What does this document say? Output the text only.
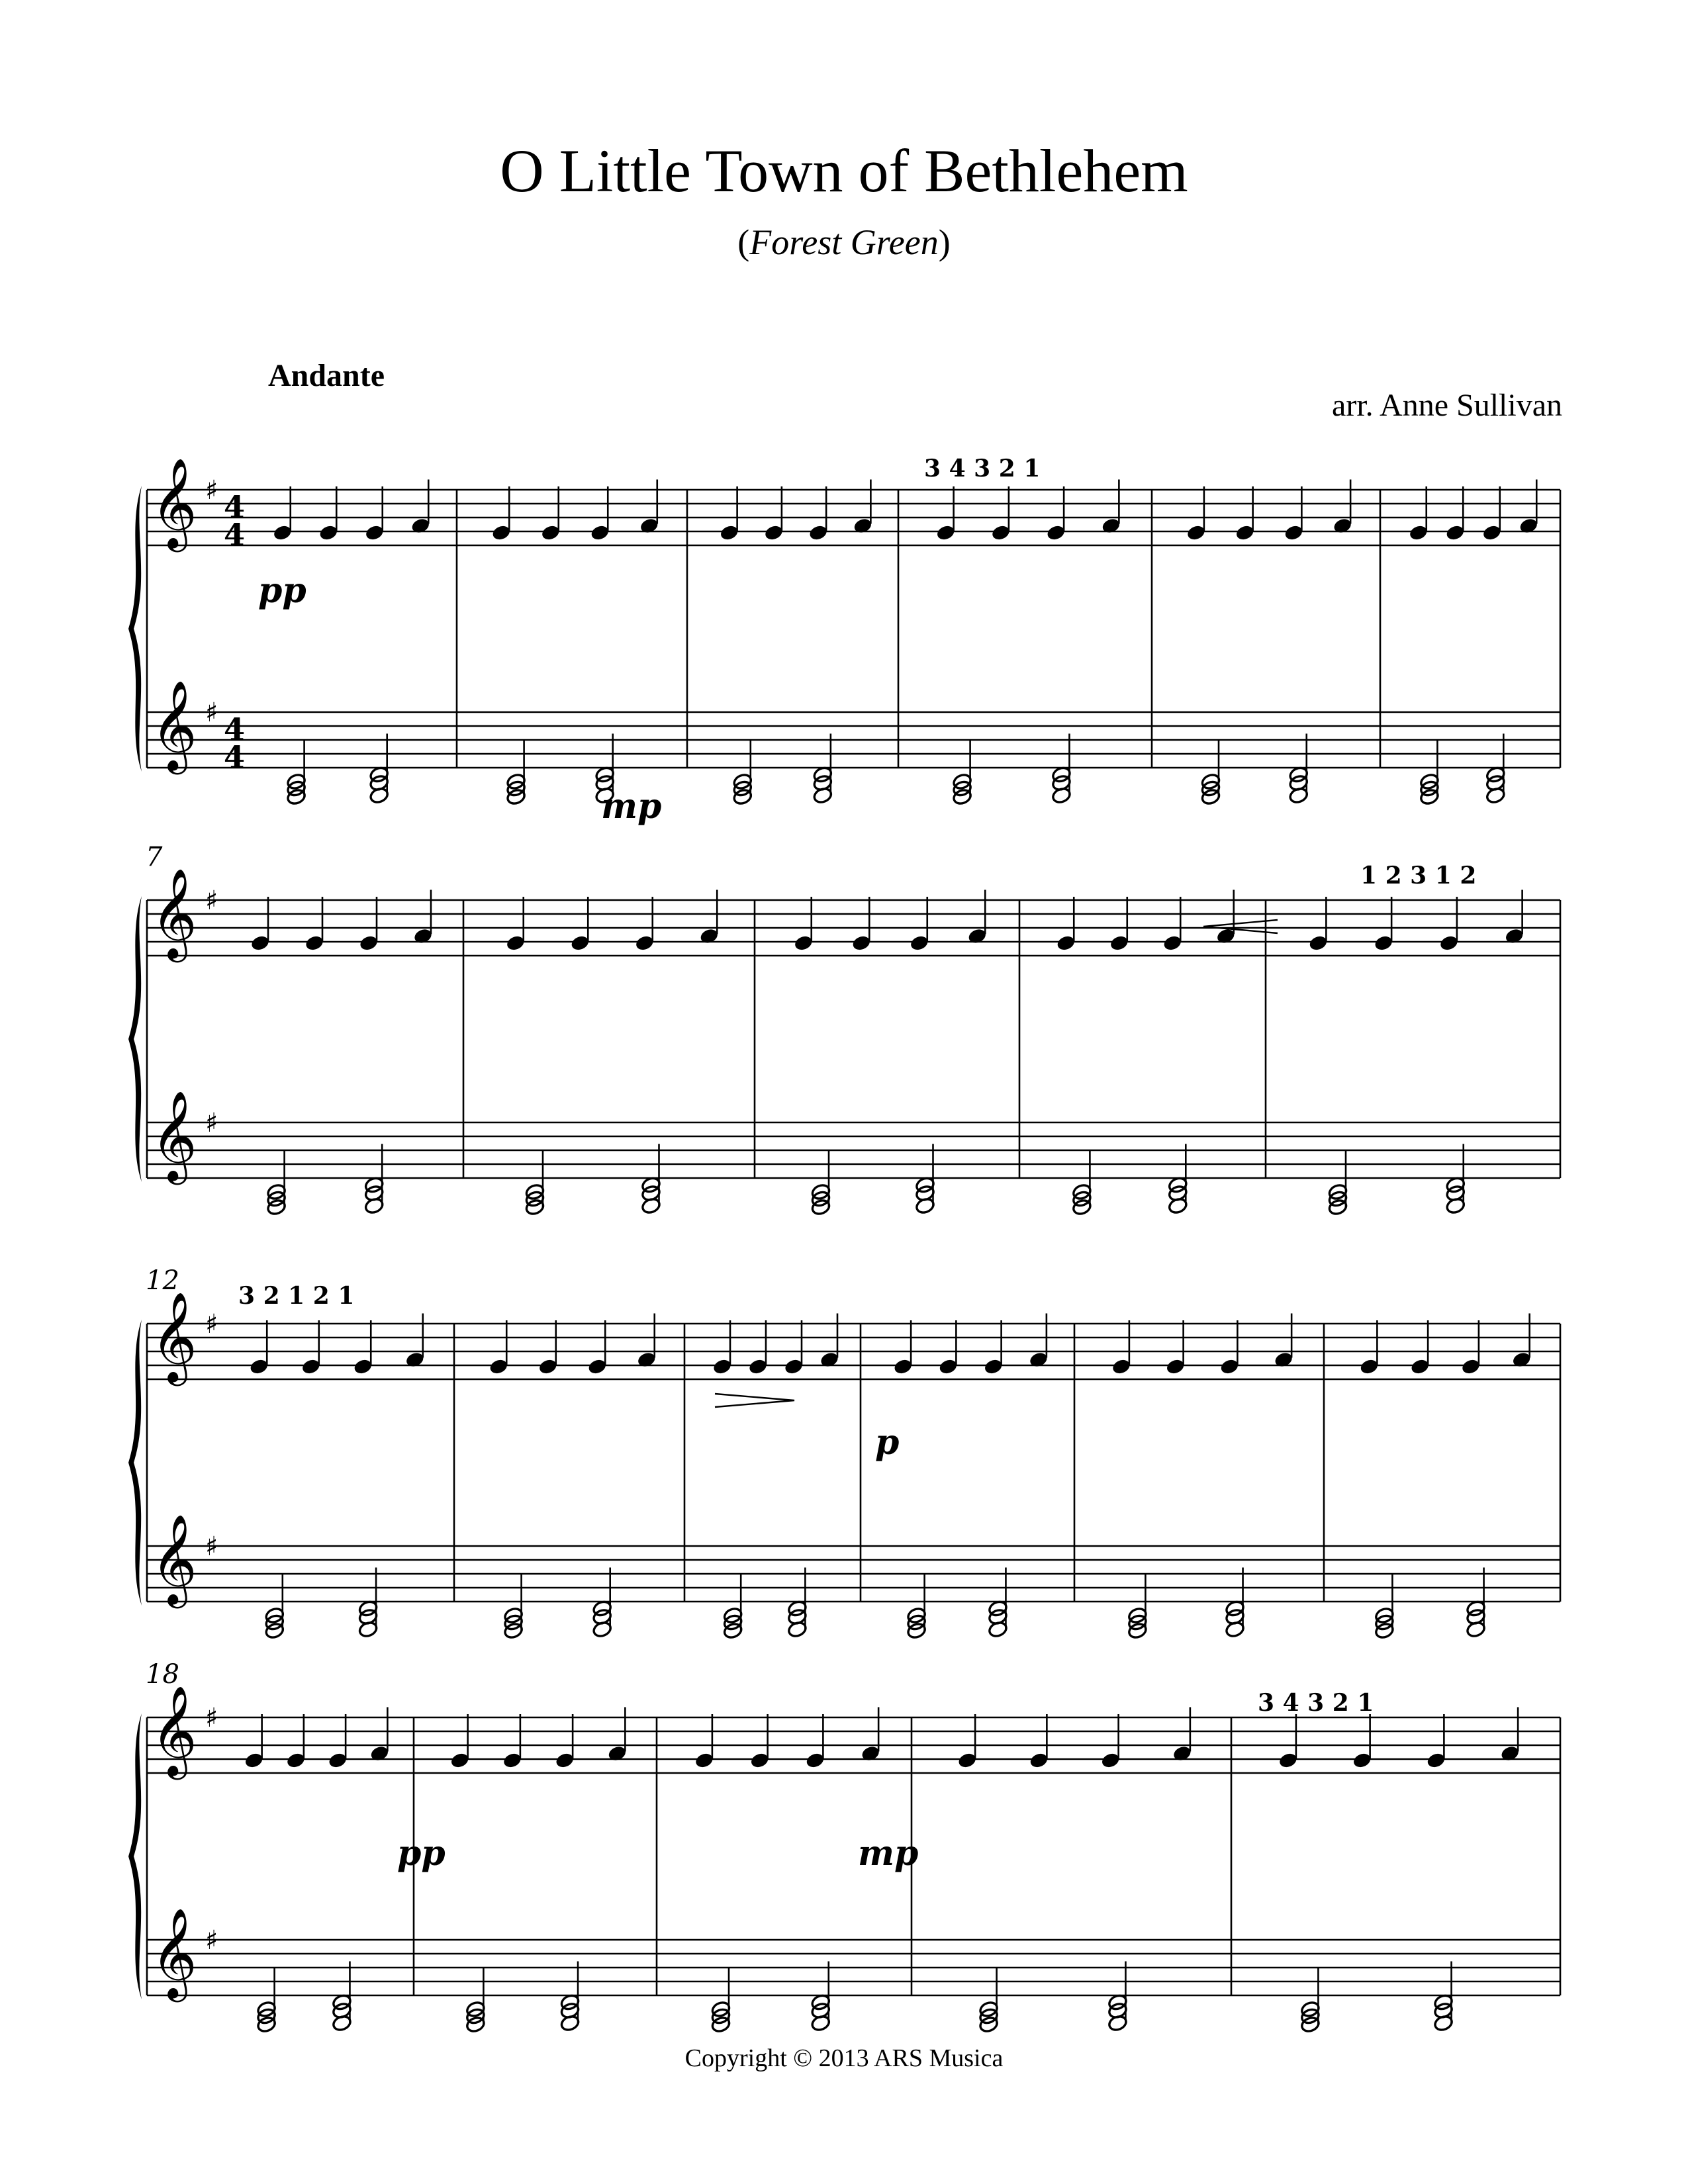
O Little Town of Bethlehem
(Forest Green)
Andante
arr. Anne Sullivan
𝄞
𝄞
♯
♯
4
4
4
4
𝄞
𝄞
♯
♯
7
𝄞
𝄞
♯
♯
12
𝄞
𝄞
♯
♯
18
pp
mp
p
pp	mp
3 4 3 2 1
1 2 3 1 2
3 2 1 2 1
3 4 3 2 1
Copyright © 2013 ARS Musica
